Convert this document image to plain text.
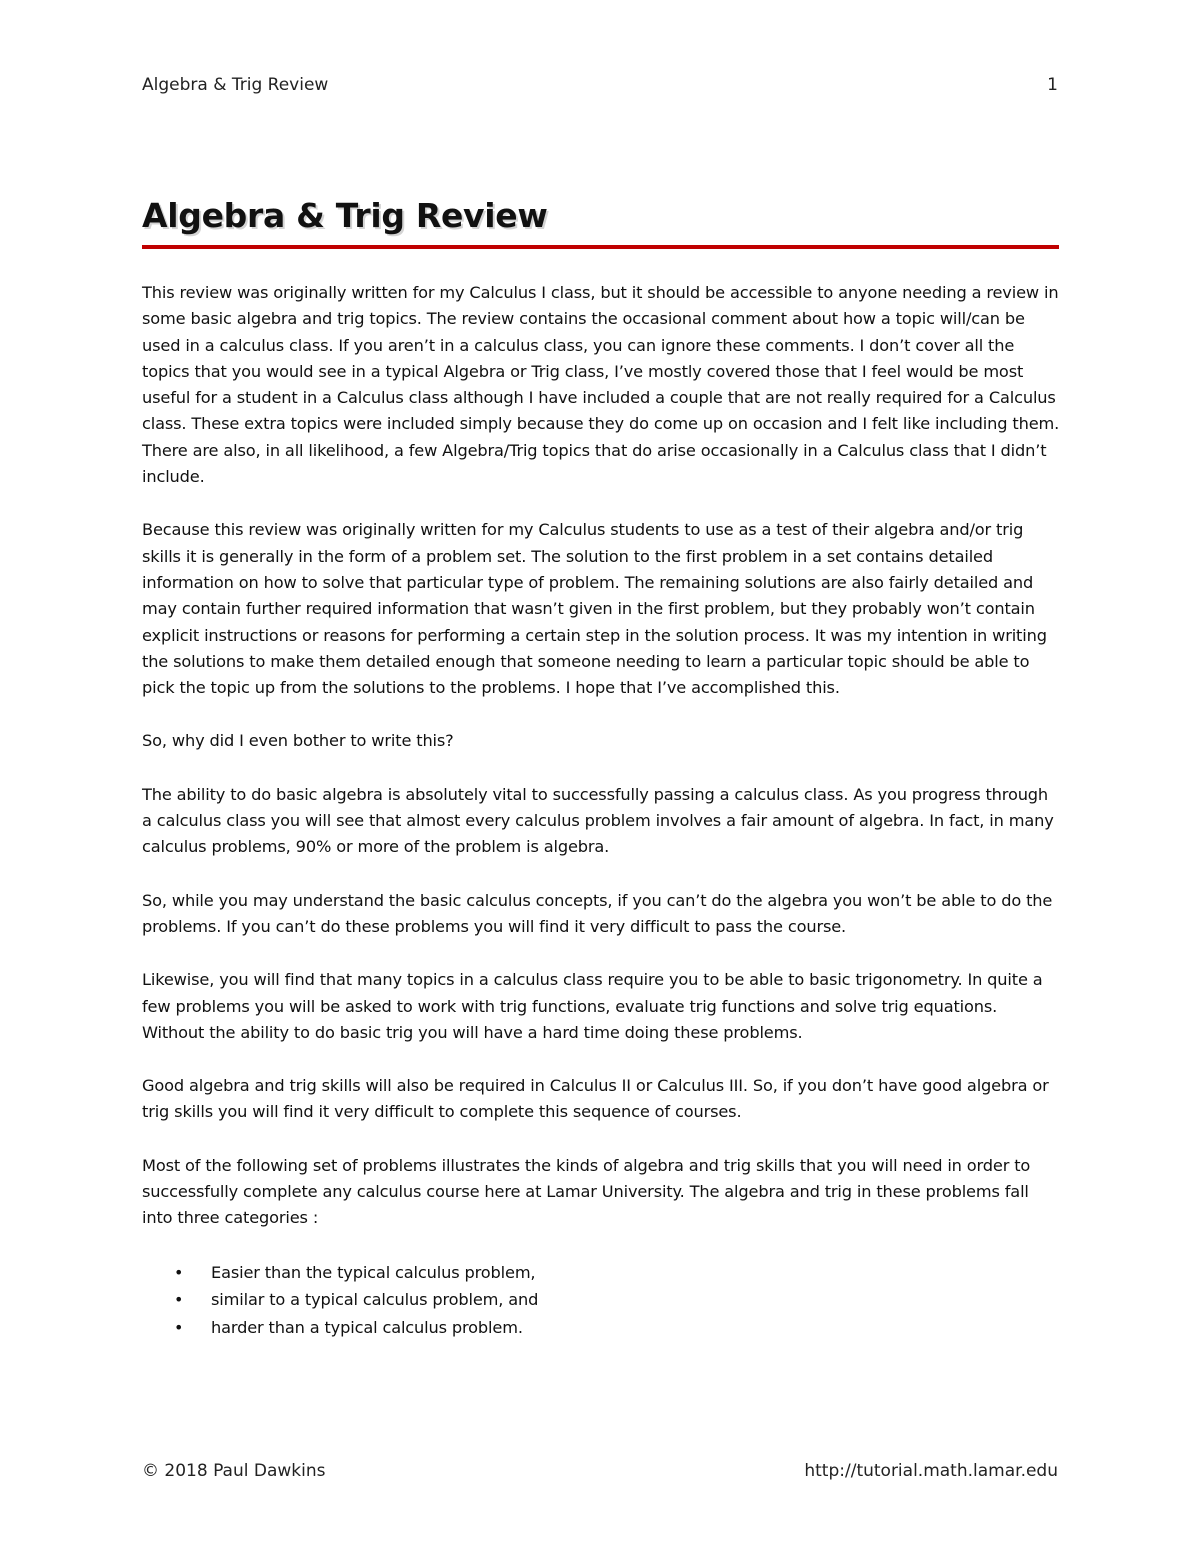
Algebra & Trig Review	1
Algebra & Trig Review

This review was originally written for my Calculus I class, but it should be accessible to anyone needing a review in some basic algebra and trig topics. The review contains the occasional comment about how a topic will/can be used in a calculus class. If you aren’t in a calculus class, you can ignore these comments. I don’t cover all the topics that you would see in a typical Algebra or Trig class, I’ve mostly covered those that I feel would be most useful for a student in a Calculus class although I have included a couple that are not really required for a Calculus class. These extra topics were included simply because they do come up on occasion and I felt like including them. There are also, in all likelihood, a few Algebra/Trig topics that do arise occasionally in a Calculus class that I didn’t include.

Because this review was originally written for my Calculus students to use as a test of their algebra and/or trig skills it is generally in the form of a problem set. The solution to the first problem in a set contains detailed information on how to solve that particular type of problem. The remaining solutions are also fairly detailed and may contain further required information that wasn’t given in the first problem, but they probably won’t contain explicit instructions or reasons for performing a certain step in the solution process. It was my intention in writing the solutions to make them detailed enough that someone needing to learn a particular topic should be able to pick the topic up from the solutions to the problems. I hope that I’ve accomplished this.

So, why did I even bother to write this?

The ability to do basic algebra is absolutely vital to successfully passing a calculus class. As you progress through a calculus class you will see that almost every calculus problem involves a fair amount of algebra. In fact, in many calculus problems, 90% or more of the problem is algebra.

So, while you may understand the basic calculus concepts, if you can’t do the algebra you won’t be able to do the problems. If you can’t do these problems you will find it very difficult to pass the course.

Likewise, you will find that many topics in a calculus class require you to be able to basic trigonometry. In quite a few problems you will be asked to work with trig functions, evaluate trig functions and solve trig equations. Without the ability to do basic trig you will have a hard time doing these problems.

Good algebra and trig skills will also be required in Calculus II or Calculus III. So, if you don’t have good algebra or trig skills you will find it very difficult to complete this sequence of courses.

Most of the following set of problems illustrates the kinds of algebra and trig skills that you will need in order to successfully complete any calculus course here at Lamar University. The algebra and trig in these problems fall into three categories :

• Easier than the typical calculus problem,
• similar to a typical calculus problem, and
• harder than a typical calculus problem.
© 2018 Paul Dawkins	http://tutorial.math.lamar.edu
